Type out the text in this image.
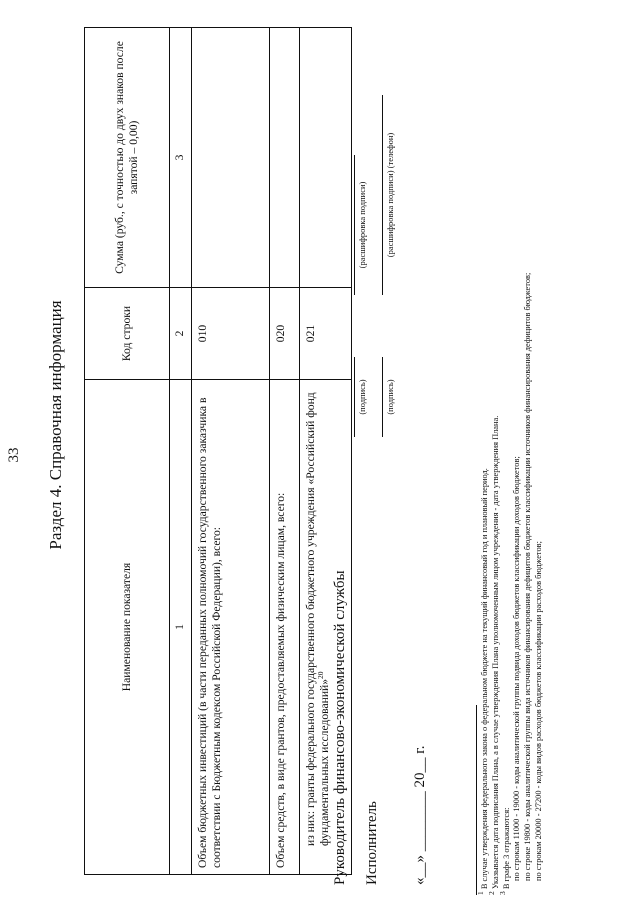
33 Раздел 4. Справочная информация
Наименование показателя	Код строки	Сумма (руб., с точностью до двух знаков после запятой – 0,00)
1	2	3
Объем бюджетных инвестиций (в части переданных полномочий государственного заказчика в соответствии с Бюджетным кодексом Российской Федерации), всего:	010	
Объем средств, в виде грантов, предоставляемых физическим лицам, всего:	020	
из них: гранты федерального государственного бюджетного учреждения «Российский фонд фундаментальных исследований»$^{20}$	021	
Руководитель финансово-экономической службы
(подпись)
(расшифровка подписи)
Исполнитель
(подпись)
(расшифровка подписи) (телефон)
«__» ________ 20__ г.

$^1$ В случае утверждения федерального закона о федеральном бюджете на текущий финансовый год и плановый период.

$^2$ Указывается дата подписания Плана, а в случае утверждения Плана уполномоченным лицом учреждения - дата утверждения Плана.

$^3$ В графе 3 отражаются: по строкам 11000 - 19000 - коды аналитической группы подвида доходов бюджетов классификации доходов бюджетов; по строке 19800 - коды аналитической группы вида источников финансирования дефицитов бюджетов классификации источников финансирования дефицитов бюджетов; по строкам 20000 - 27200 - коды видов расходов бюджетов классификации расходов бюджетов;
